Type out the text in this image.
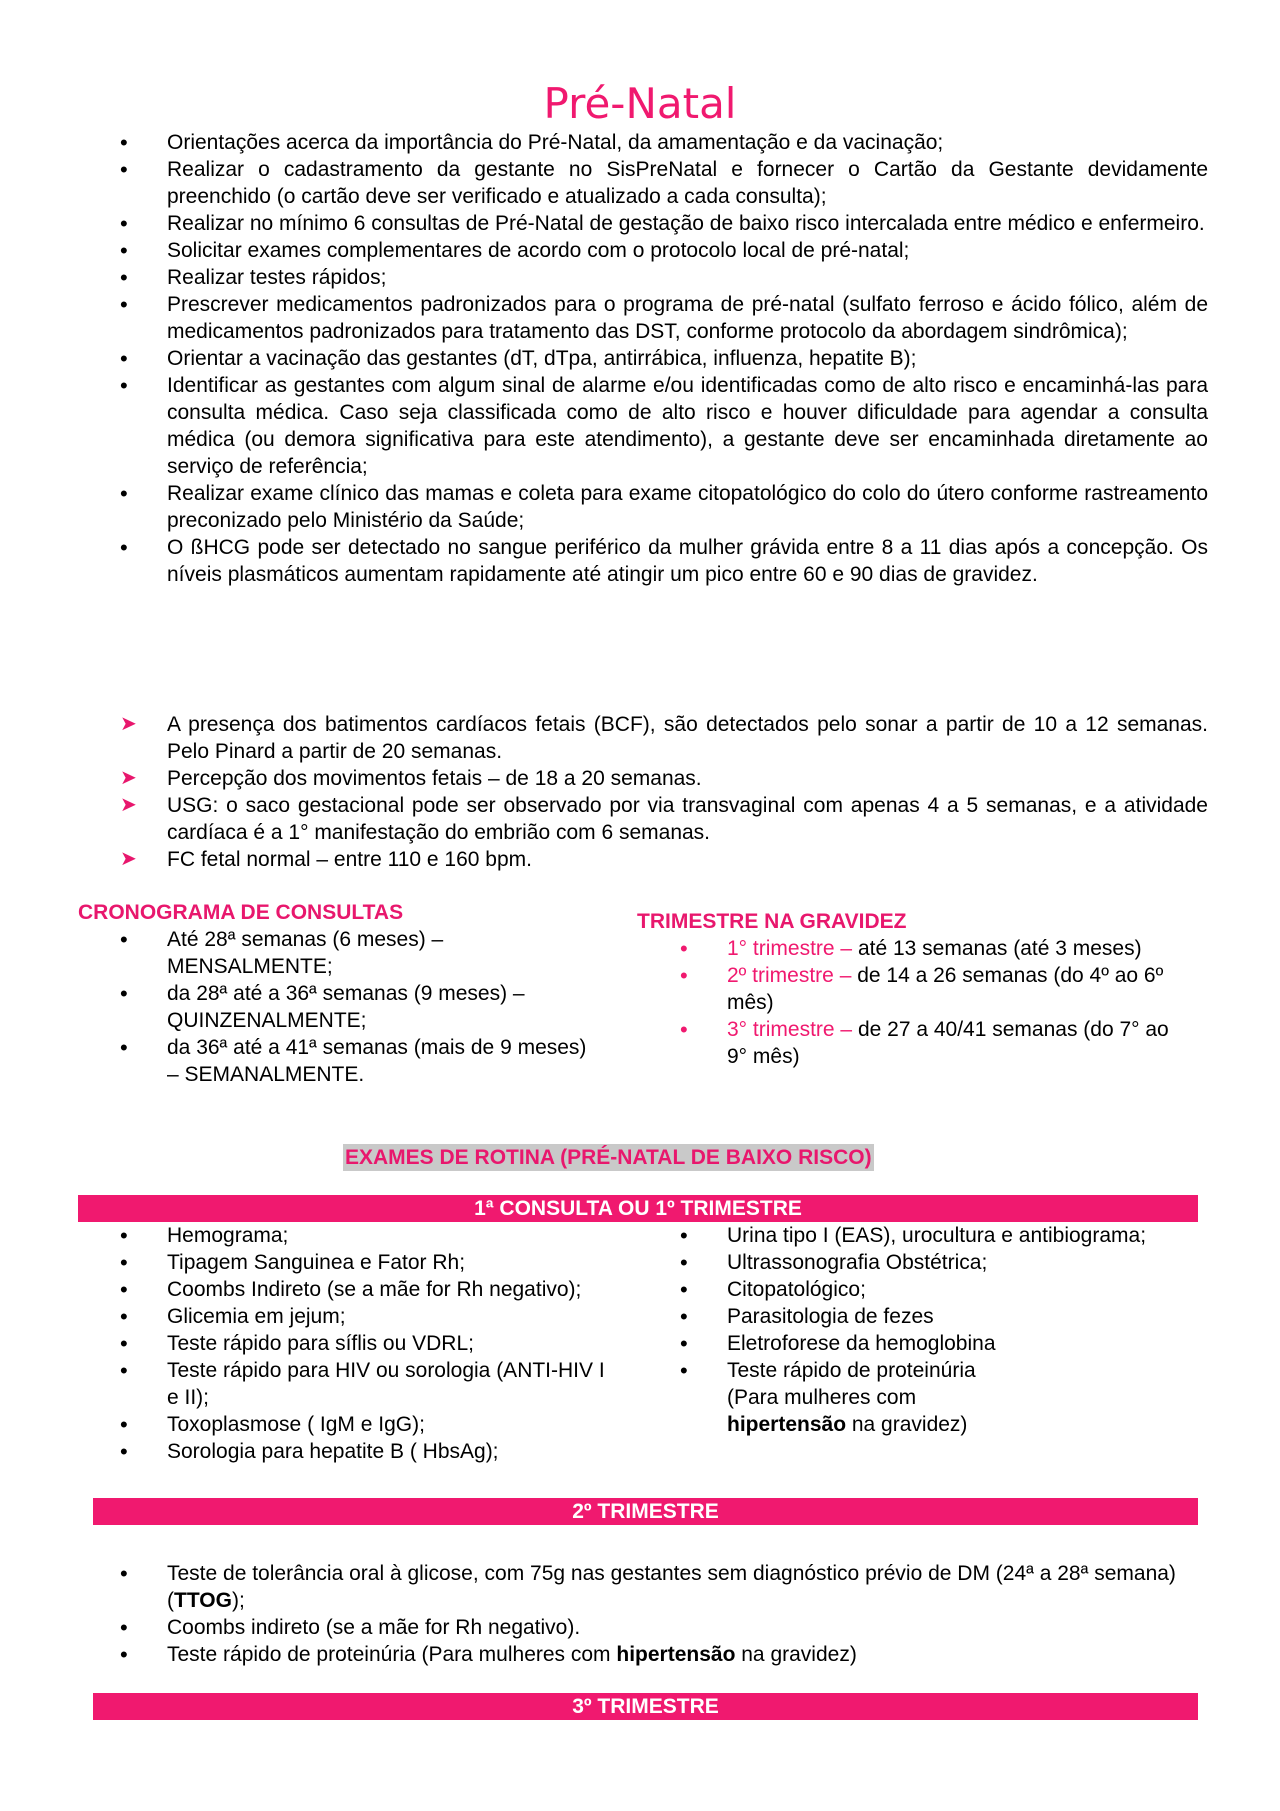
Pré-Natal
•
Orientações acerca da importância do Pré-Natal, da amamentação e da vacinação;
•
Realizar o cadastramento da gestante no SisPreNatal e fornecer o Cartão da Gestante devidamente preenchido (o cartão deve ser verificado e atualizado a cada consulta);
•
Realizar no mínimo 6 consultas de Pré-Natal de gestação de baixo risco intercalada entre médico e enfermeiro.
•
Solicitar exames complementares de acordo com o protocolo local de pré-natal;
•
Realizar testes rápidos;
•
Prescrever medicamentos padronizados para o programa de pré-natal (sulfato ferroso e ácido fólico, além de medicamentos padronizados para tratamento das DST, conforme protocolo da abordagem sindrômica);
•
Orientar a vacinação das gestantes (dT, dTpa, antirrábica, influenza, hepatite B);
•
Identificar as gestantes com algum sinal de alarme e/ou identificadas como de alto risco e encaminhá-las para consulta médica. Caso seja classificada como de alto risco e houver dificuldade para agendar a consulta médica (ou demora significativa para este atendimento), a gestante deve ser encaminhada diretamente ao serviço de referência;
•
Realizar exame clínico das mamas e coleta para exame citopatológico do colo do útero conforme rastreamento preconizado pelo Ministério da Saúde;
•
O ßHCG pode ser detectado no sangue periférico da mulher grávida entre 8 a 11 dias após a concepção. Os níveis plasmáticos aumentam rapidamente até atingir um pico entre 60 e 90 dias de gravidez.
➤ A presença dos batimentos cardíacos fetais (BCF), são detectados pelo sonar a partir de 10 a 12 semanas. Pelo Pinard a partir de 20 semanas.
➤ Percepção dos movimentos fetais – de 18 a 20 semanas.
➤ USG: o saco gestacional pode ser observado por via transvaginal com apenas 4 a 5 semanas, e a atividade cardíaca é a 1° manifestação do embrião com 6 semanas.
➤ FC fetal normal – entre 110 e 160 bpm.
CRONOGRAMA DE CONSULTAS
•
Até 28ª semanas (6 meses) –
MENSALMENTE;
•
da 28ª até a 36ª semanas (9 meses) –
QUINZENALMENTE;
•
da 36ª até a 41ª semanas (mais de 9 meses)
– SEMANALMENTE.
TRIMESTRE NA GRAVIDEZ
•
1° trimestre – até 13 semanas (até 3 meses)
•
2º trimestre – de 14 a 26 semanas (do 4º ao 6º mês)
•
3° trimestre – de 27 a 40/41 semanas (do 7° ao 9° mês)
EXAMES DE ROTINA (PRÉ-NATAL DE BAIXO RISCO)
1ª CONSULTA OU 1º TRIMESTRE
•
Hemograma;
•
Tipagem Sanguinea e Fator Rh;
•
Coombs Indireto (se a mãe for Rh negativo);
•
Glicemia em jejum;
•
Teste rápido para síflis ou VDRL;
•
Teste rápido para HIV ou sorologia (ANTI-HIV I e II);
•
Toxoplasmose ( IgM e IgG);
•
Sorologia para hepatite B ( HbsAg);
•
Urina tipo I (EAS), urocultura e antibiograma;
•
Ultrassonografia Obstétrica;
•
Citopatológico;
•
Parasitologia de fezes
•
Eletroforese da hemoglobina
•
Teste rápido de proteinúria (Para mulheres com hipertensão na gravidez)
2º TRIMESTRE
•
Teste de tolerância oral à glicose, com 75g nas gestantes sem diagnóstico prévio de DM (24ª a 28ª semana) (TTOG);
•
Coombs indireto (se a mãe for Rh negativo).
•
Teste rápido de proteinúria (Para mulheres com hipertensão na gravidez)
3º TRIMESTRE
